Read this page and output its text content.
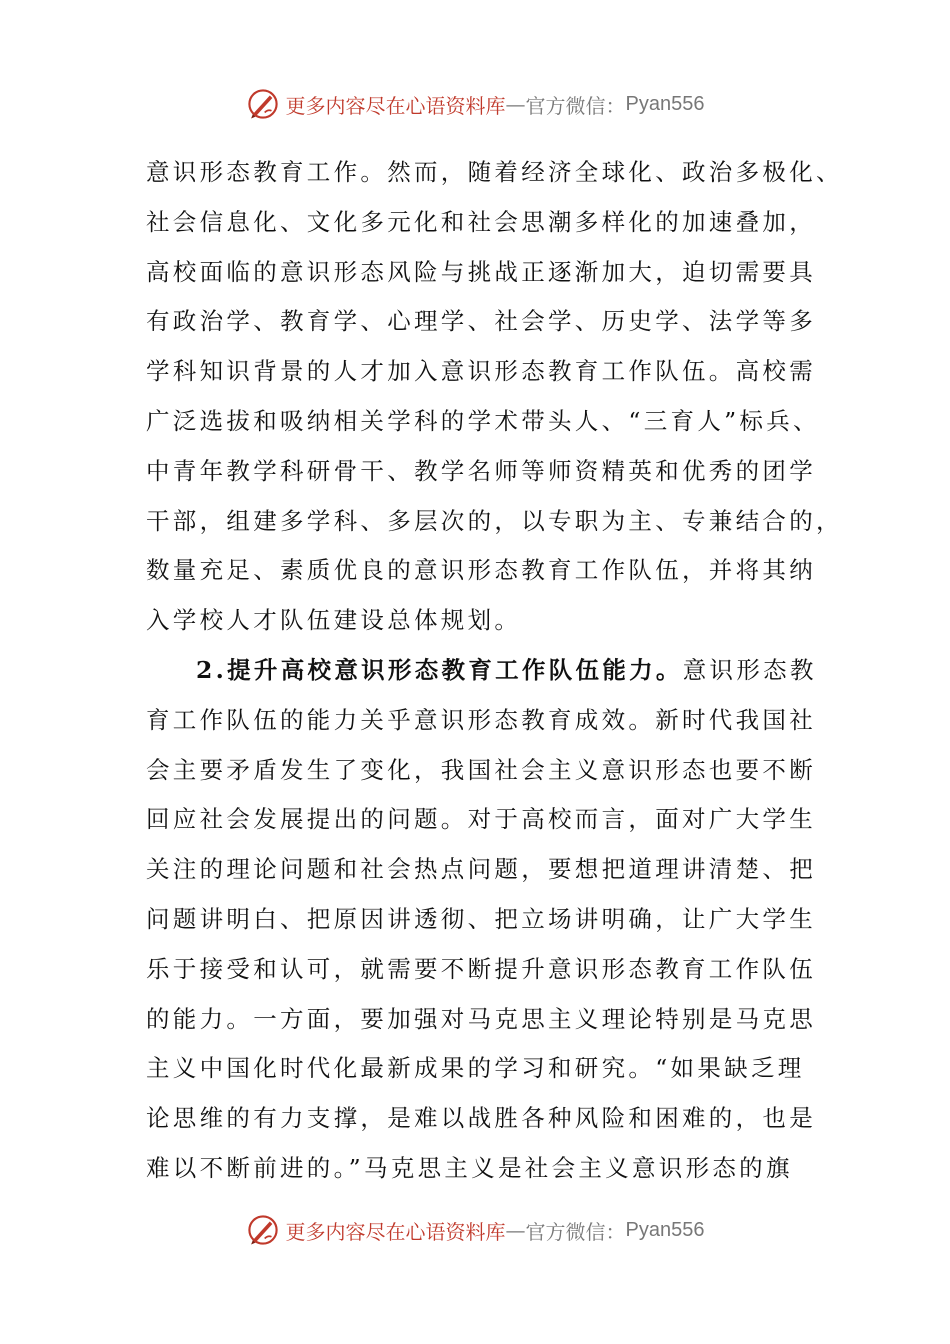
更多内容尽在心语资料库 — 官方微信： Pyan556
意识形态教育工作。然而，随着经济全球化、政治多极化、
社会信息化、文化多元化和社会思潮多样化的加速叠加，
高校面临的意识形态风险与挑战正逐渐加大，迫切需要具
有政治学、教育学、心理学、社会学、历史学、法学等多
学科知识背景的人才加入意识形态教育工作队伍。高校需
广泛选拔和吸纳相关学科的学术带头人、“三育人”标兵、
中青年教学科研骨干、教学名师等师资精英和优秀的团学
干部，组建多学科、多层次的，以专职为主、专兼结合的，
数量充足、素质优良的意识形态教育工作队伍，并将其纳
入学校人才队伍建设总体规划。
2.提升高校意识形态教育工作队伍能力。意识形态教
育工作队伍的能力关乎意识形态教育成效。新时代我国社
会主要矛盾发生了变化，我国社会主义意识形态也要不断
回应社会发展提出的问题。对于高校而言，面对广大学生
关注的理论问题和社会热点问题，要想把道理讲清楚、把
问题讲明白、把原因讲透彻、把立场讲明确，让广大学生
乐于接受和认可，就需要不断提升意识形态教育工作队伍
的能力。一方面，要加强对马克思主义理论特别是马克思
主义中国化时代化最新成果的学习和研究。“如果缺乏理
论思维的有力支撑，是难以战胜各种风险和困难的，也是
难以不断前进的。”马克思主义是社会主义意识形态的旗
更多内容尽在心语资料库 — 官方微信： Pyan556
